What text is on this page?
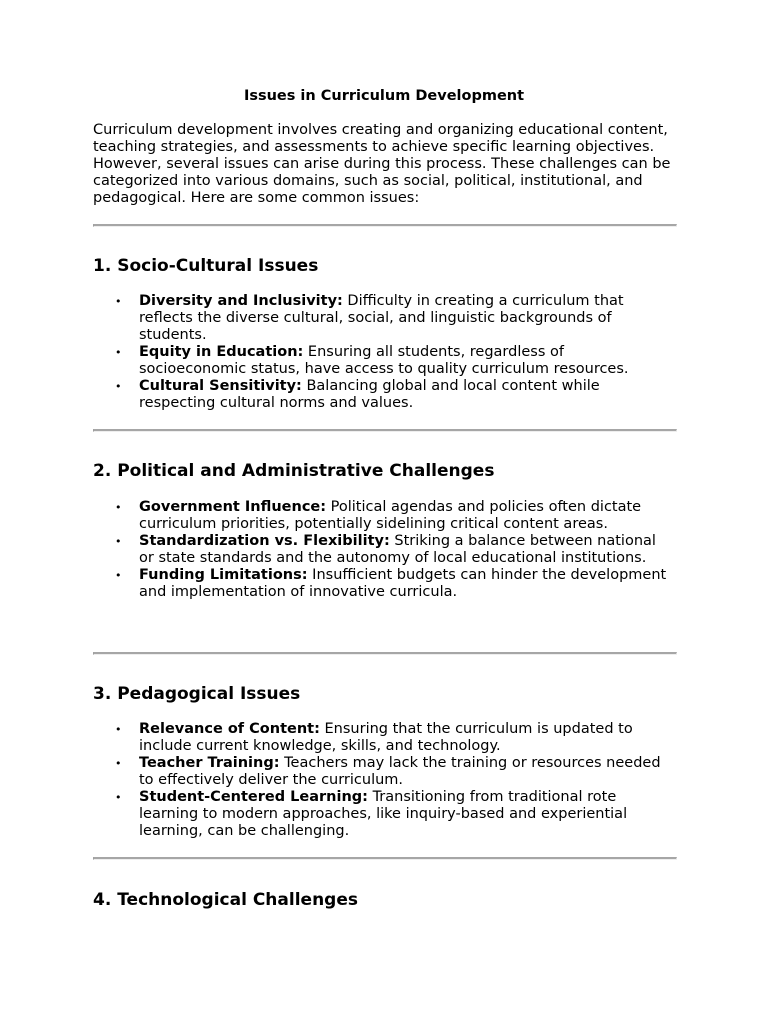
Issues in Curriculum Development

Curriculum development involves creating and organizing educational content, teaching strategies, and assessments to achieve specific learning objectives. However, several issues can arise during this process. These challenges can be categorized into various domains, such as social, political, institutional, and pedagogical. Here are some common issues:

1. Socio-Cultural Issues
• Diversity and Inclusivity: Difficulty in creating a curriculum that reflects the diverse cultural, social, and linguistic backgrounds of students.
• Equity in Education: Ensuring all students, regardless of socioeconomic status, have access to quality curriculum resources.
• Cultural Sensitivity: Balancing global and local content while respecting cultural norms and values.
2. Political and Administrative Challenges
• Government Influence: Political agendas and policies often dictate curriculum priorities, potentially sidelining critical content areas.
• Standardization vs. Flexibility: Striking a balance between national or state standards and the autonomy of local educational institutions.
• Funding Limitations: Insufficient budgets can hinder the development and implementation of innovative curricula.
3. Pedagogical Issues
• Relevance of Content: Ensuring that the curriculum is updated to include current knowledge, skills, and technology.
• Teacher Training: Teachers may lack the training or resources needed to effectively deliver the curriculum.
• Student-Centered Learning: Transitioning from traditional rote learning to modern approaches, like inquiry-based and experiential learning, can be challenging.
4. Technological Challenges
